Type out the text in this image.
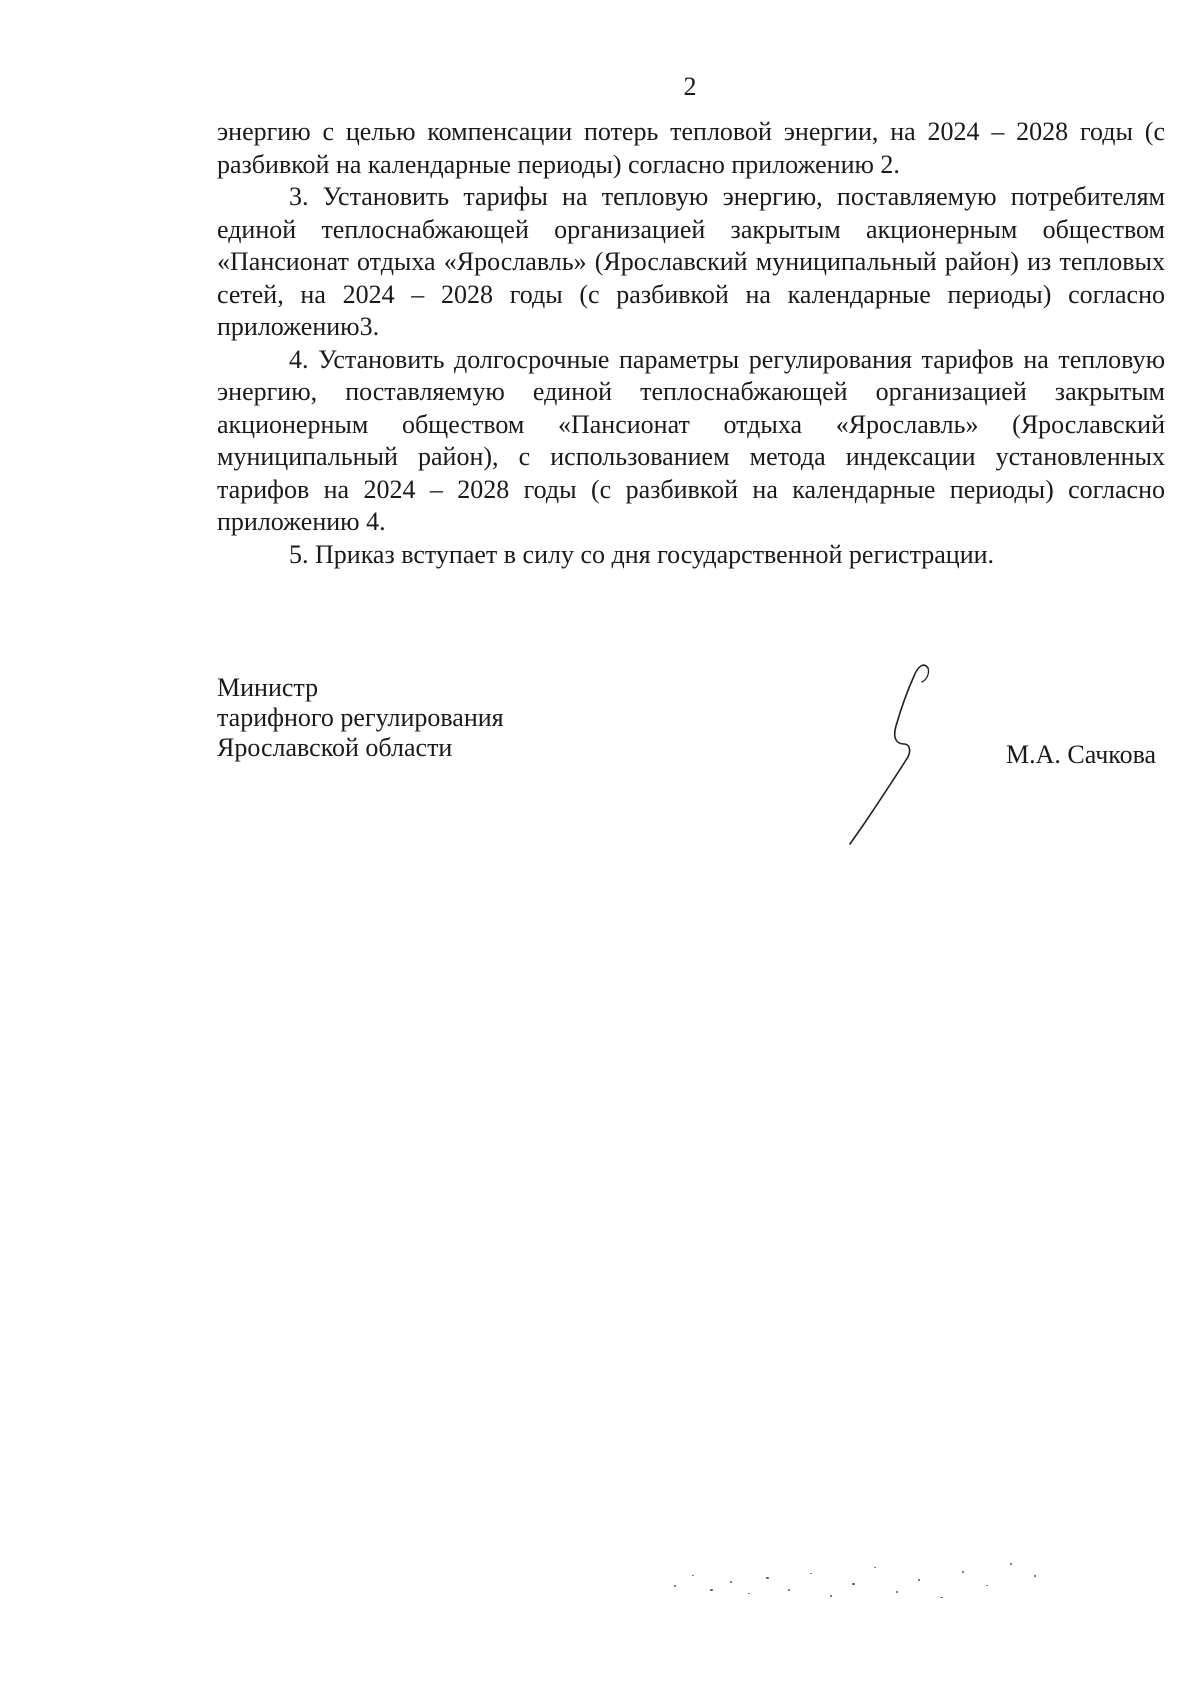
2

энергию с целью компенсации потерь тепловой энергии, на 2024 – 2028 годы (с разбивкой на календарные периоды) согласно приложению 2.

3. Установить тарифы на тепловую энергию, поставляемую потребителям единой теплоснабжающей организацией закрытым акционерным обществом «Пансионат отдыха «Ярославль» (Ярославский муниципальный район) из тепловых сетей, на 2024 – 2028 годы (с разбивкой на календарные периоды) согласно приложению3.

4. Установить долгосрочные параметры регулирования тарифов на тепловую энергию, поставляемую единой теплоснабжающей организацией закрытым акционерным обществом «Пансионат отдыха «Ярославль» (Ярославский муниципальный район), с использованием метода индексации установленных тарифов на 2024 – 2028 годы (с разбивкой на календарные периоды) согласно приложению 4.

5. Приказ вступает в силу со дня государственной регистрации.

Министр
тарифного регулирования
Ярославской области	М.А. Сачкова
